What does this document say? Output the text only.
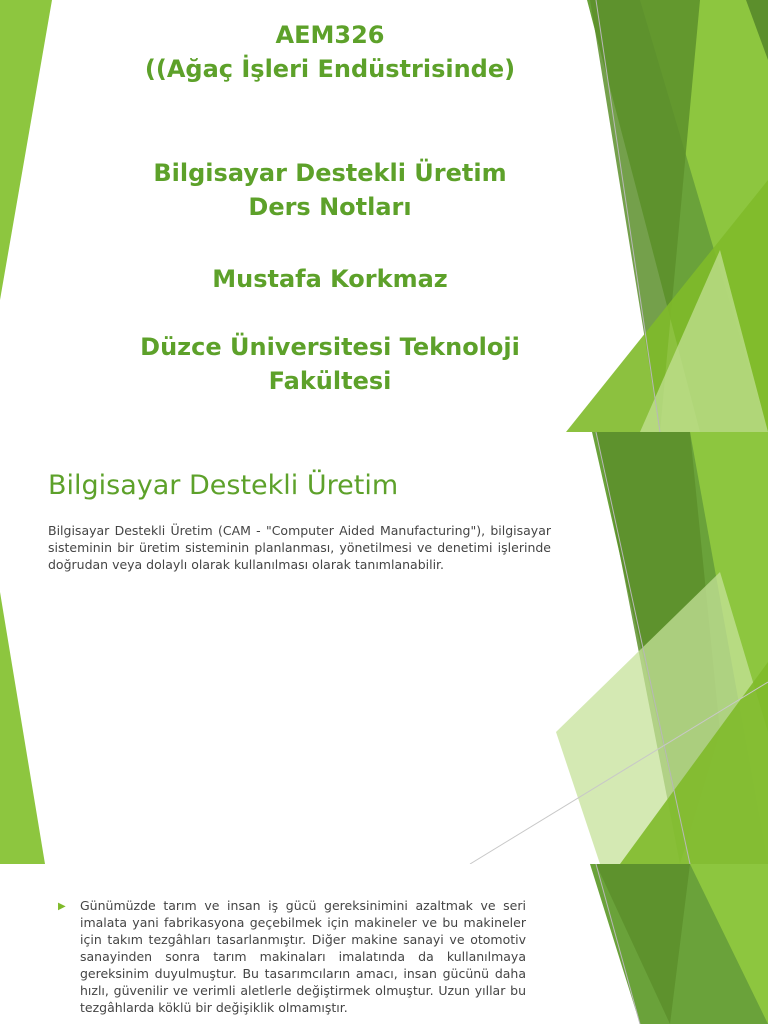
AEM326
((Ağaç İşleri Endüstrisinde)
Bilgisayar Destekli Üretim
Ders Notları
Mustafa Korkmaz
Düzce Üniversitesi Teknoloji
Fakültesi
Bilgisayar Destekli Üretim

Bilgisayar Destekli Üretim (CAM - "Computer Aided Manufacturing"), bilgisayar sisteminin bir üretim sisteminin planlanması, yönetilmesi ve denetimi işlerinde doğrudan veya dolaylı olarak kullanılması olarak tanımlanabilir.

▶ Günümüzde tarım ve insan iş gücü gereksinimini azaltmak ve seri imalata yani fabrikasyona geçebilmek için makineler ve bu makineler için takım tezgâhları tasarlanmıştır. Diğer makine sanayi ve otomotiv sanayinden sonra tarım makinaları imalatında da kullanılmaya gereksinim duyulmuştur. Bu tasarımcıların amacı, insan gücünü daha hızlı, güvenilir ve verimli aletlerle değiştirmek olmuştur. Uzun yıllar bu tezgâhlarda köklü bir değişiklik olmamıştır.
